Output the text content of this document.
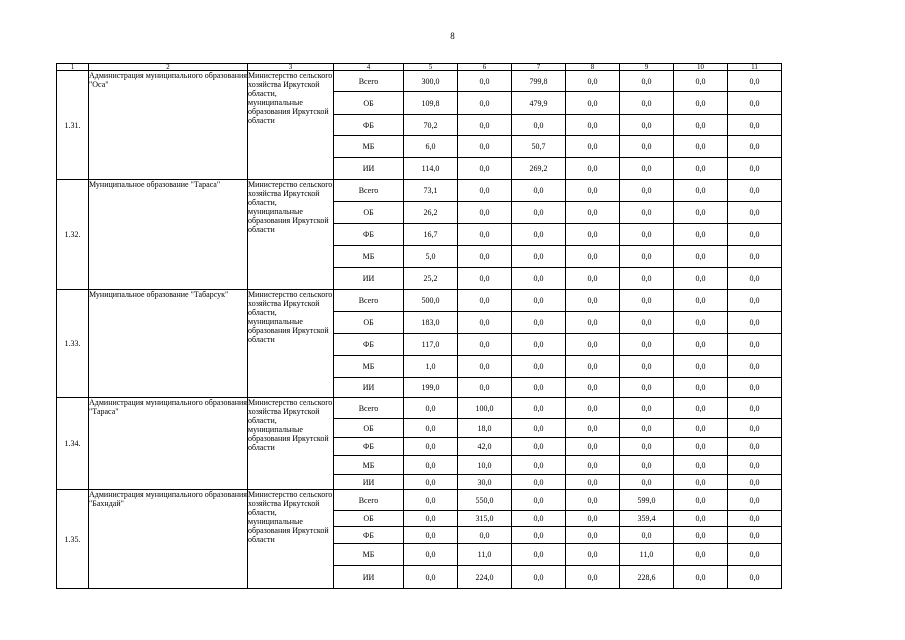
8
1	2	3	4	5	6	7	8	9	10	11
1.31.	Администрация муниципального образования "Оса"	Министерство сельского хозяйства Иркутской области, муниципальные образования Иркутской области	Всего	300,0	0,0	799,8	0,0	0,0	0,0	0,0
			ОБ	109,8	0,0	479,9	0,0	0,0	0,0	0,0
			ФБ	70,2	0,0	0,0	0,0	0,0	0,0	0,0
			МБ	6,0	0,0	50,7	0,0	0,0	0,0	0,0
			ИИ	114,0	0,0	269,2	0,0	0,0	0,0	0,0
1.32.	Муниципальное образование "Тараса"	Министерство сельского хозяйства Иркутской области, муниципальные образования Иркутской области	Всего	73,1	0,0	0,0	0,0	0,0	0,0	0,0
			ОБ	26,2	0,0	0,0	0,0	0,0	0,0	0,0
			ФБ	16,7	0,0	0,0	0,0	0,0	0,0	0,0
			МБ	5,0	0,0	0,0	0,0	0,0	0,0	0,0
			ИИ	25,2	0,0	0,0	0,0	0,0	0,0	0,0
1.33.	Муниципальное образование "Табарсук"	Министерство сельского хозяйства Иркутской области, муниципальные образования Иркутской области	Всего	500,0	0,0	0,0	0,0	0,0	0,0	0,0
			ОБ	183,0	0,0	0,0	0,0	0,0	0,0	0,0
			ФБ	117,0	0,0	0,0	0,0	0,0	0,0	0,0
			МБ	1,0	0,0	0,0	0,0	0,0	0,0	0,0
			ИИ	199,0	0,0	0,0	0,0	0,0	0,0	0,0
1.34.	Администрация муниципального образования "Тараса"	Министерство сельского хозяйства Иркутской области, муниципальные образования Иркутской области	Всего	0,0	100,0	0,0	0,0	0,0	0,0	0,0
			ОБ	0,0	18,0	0,0	0,0	0,0	0,0	0,0
			ФБ	0,0	42,0	0,0	0,0	0,0	0,0	0,0
			МБ	0,0	10,0	0,0	0,0	0,0	0,0	0,0
			ИИ	0,0	30,0	0,0	0,0	0,0	0,0	0,0
1.35.	Администрация муниципального образования "Бахндай"	Министерство сельского хозяйства Иркутской области, муниципальные образования Иркутской области	Всего	0,0	550,0	0,0	0,0	599,0	0,0	0,0
			ОБ	0,0	315,0	0,0	0,0	359,4	0,0	0,0
			ФБ	0,0	0,0	0,0	0,0	0,0	0,0	0,0
			МБ	0,0	11,0	0,0	0,0	11,0	0,0	0,0
			ИИ	0,0	224,0	0,0	0,0	228,6	0,0	0,0
